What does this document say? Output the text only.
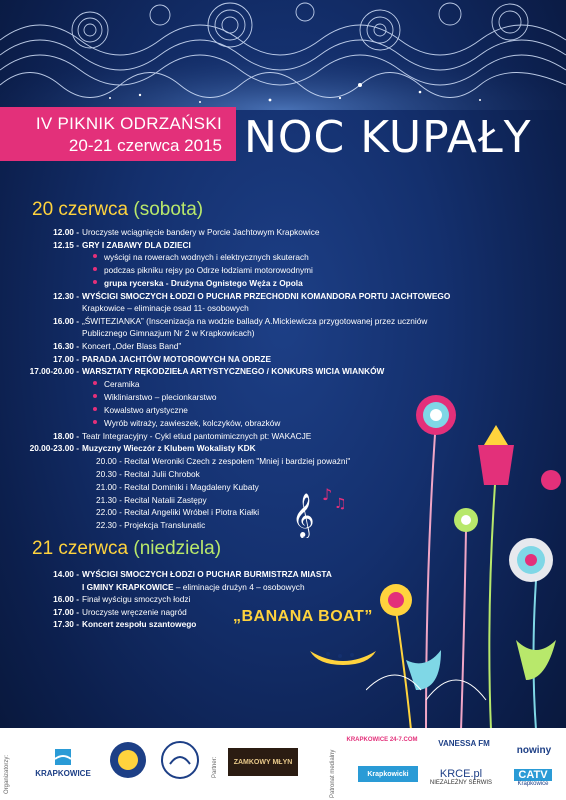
IV PIKNIK ODRZAŃSKI
20-21 czerwca 2015 NOC KUPAŁY
20 czerwca (sobota)
12.00 - Uroczyste wciągnięcie bandery w Porcie Jachtowym Krapkowice
12.15 - GRY I ZABAWY DLA DZIECI
wyścigi na rowerach wodnych i elektrycznych skuterach
podczas pikniku rejsy po Odrze łodziami motorowodnymi
grupa rycerska - Drużyna Ognistego Węża z Opola
12.30 - WYŚCIGI SMOCZYCH ŁODZI O PUCHAR PRZECHODNI KOMANDORA PORTU JACHTOWEGO
Krapkowice – eliminacje osad 11- osobowych
16.00 - „ŚWITEZIANKA” (Inscenizacja na wodzie ballady A.Mickiewicza przygotowanej przez uczniów
Publicznego Gimnazjum Nr 2 w Krapkowicach)
16.30 - Koncert „Oder Blass Band”
17.00 - PARADA JACHTÓW MOTOROWYCH NA ODRZE
17.00-20.00 - WARSZTATY RĘKODZIEŁA ARTYSTYCZNEGO / KONKURS WICIA WIANKÓW
Ceramika
Wikliniarstwo – plecionkarstwo
Kowalstwo artystyczne
Wyrób witraży, zawieszek, kolczyków, obrazków
18.00 - Teatr Integracyjny - Cykl etiud pantomimicznych pt: WAKACJE
20.00-23.00 - Muzyczny Wieczór z Klubem Wokalisty KDK
20.00 - Recital Weroniki Czech z zespołem "Mniej i bardziej poważni"
20.30 - Recital Julii Chrobok
21.00 - Recital Dominiki i Magdaleny Kubaty
21.30 - Recital Natalii Zastępy
22.00 - Recital Angeliki Wróbel i Piotra Kiałki
22.30 - Projekcja Translunatic
14.00 - WYŚCIGI SMOCZYCH ŁODZI O PUCHAR BURMISTRZA MIASTA
I GMINY KRAPKOWICE – eliminacje drużyn 4 – osobowych
16.00 - Finał wyścigu smoczych łodzi
17.00 - Uroczyste wręczenie nagród
17.30 - Koncert zespołu szantowego
21 czerwca (niedziela)
„BANANA BOAT”
𝄞 ♪ ♫
Organizatorzy:	KRAPKOWICE	Partner: ZAMKOWY MŁYN	Patronat medialny
KRAPKOWICE 24-7.COM	VANESSA FM
nowiny
Krapkowicki	KRCE.pl
NIEZALEŻNY SERWIS
CATV
Krapkowice
